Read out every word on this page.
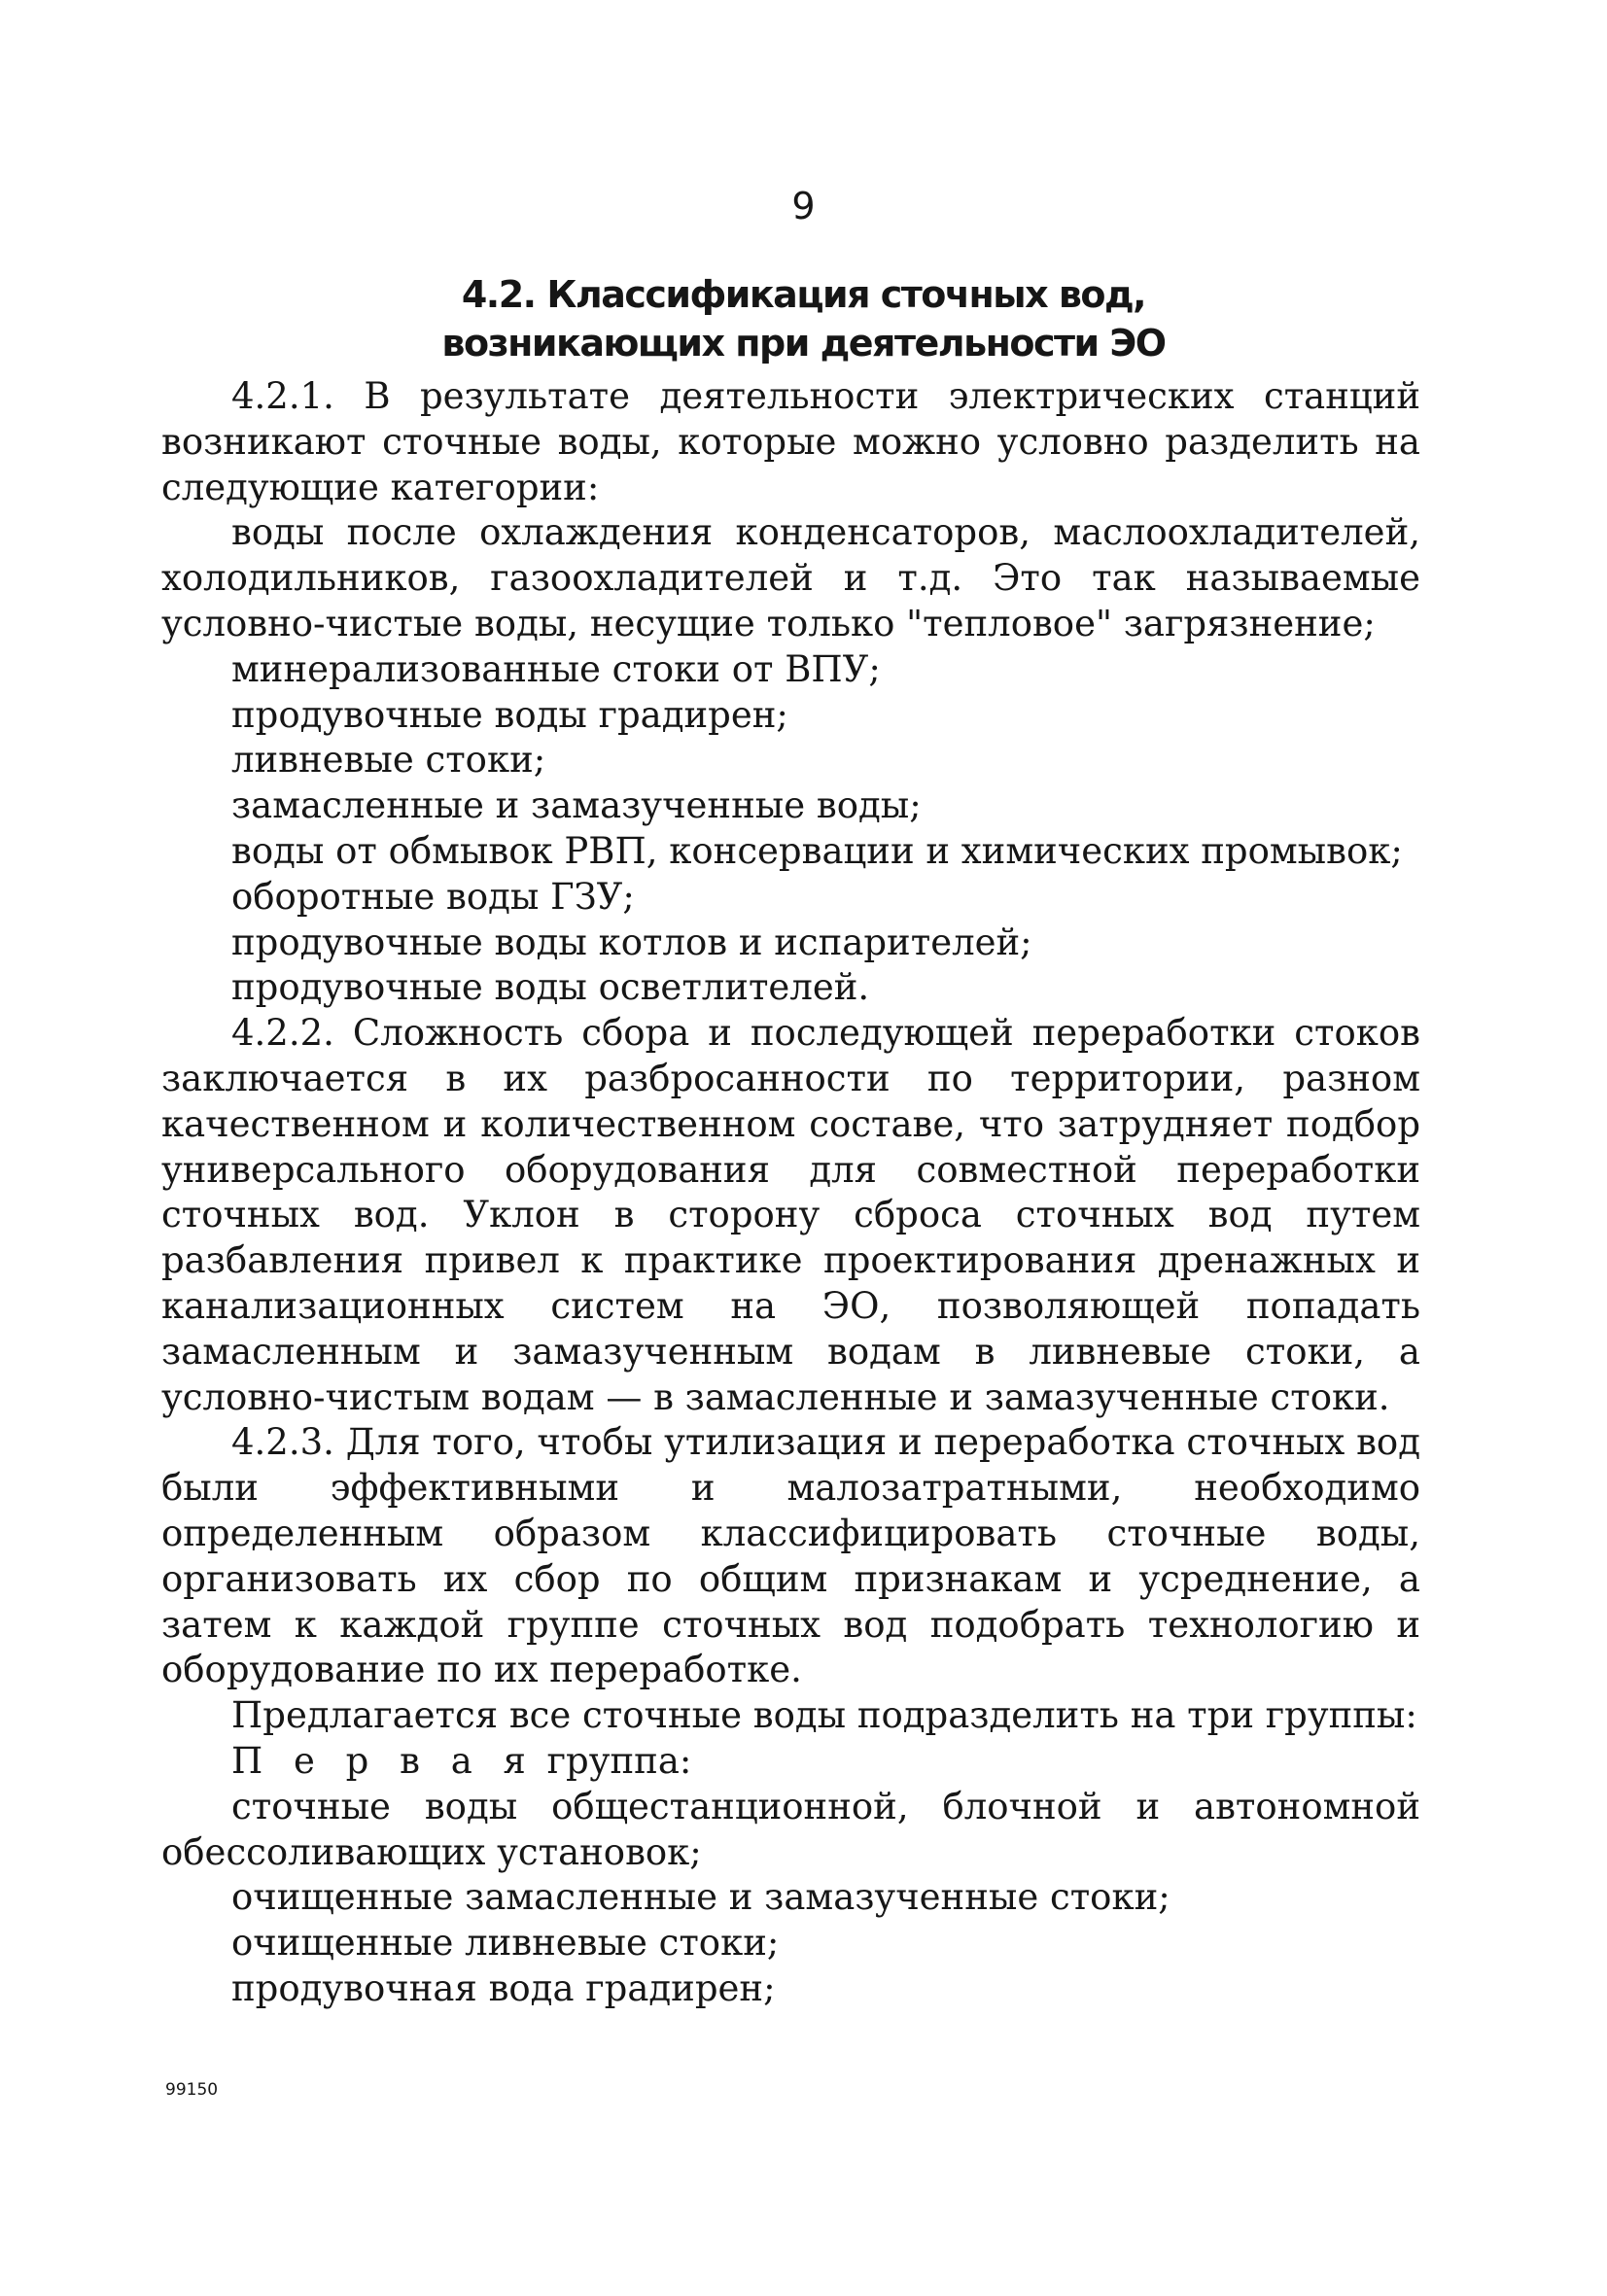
9

4.2. Классификация сточных вод,
возникающих при деятельности ЭО

4.2.1. В результате деятельности электрических станций возникают сточные воды, которые можно условно разделить на следующие категории:

воды после охлаждения конденсаторов, маслоохладителей, холодильников, газоохладителей и т.д. Это так называемые условно-чистые воды, несущие только "тепловое" загрязнение;

минерализованные стоки от ВПУ;

продувочные воды градирен;

ливневые стоки;

замасленные и замазученные воды;

воды от обмывок РВП, консервации и химических промывок;

оборотные воды ГЗУ;

продувочные воды котлов и испарителей;

продувочные воды осветлителей.

4.2.2. Сложность сбора и последующей переработки стоков заключается в их разбросанности по территории, разном качественном и количественном составе, что затрудняет подбор универсального оборудования для совместной переработки сточных вод. Уклон в сторону сброса сточных вод путем разбавления привел к практике проектирования дренажных и канализационных систем на ЭО, позволяющей попадать замасленным и замазученным водам в ливневые стоки, а условно-чистым водам — в замасленные и замазученные стоки.

4.2.3. Для того, чтобы утилизация и переработка сточных вод были эффективными и малозатратными, необходимо определенным образом классифицировать сточные воды, организовать их сбор по общим признакам и усреднение, а затем к каждой группе сточных вод подобрать технологию и оборудование по их переработке.

Предлагается все сточные воды подразделить на три группы:

П е р в а я группа:

сточные воды общестанционной, блочной и автономной обессоливающих установок;

очищенные замасленные и замазученные стоки;

очищенные ливневые стоки;

продувочная вода градирен;

99150
